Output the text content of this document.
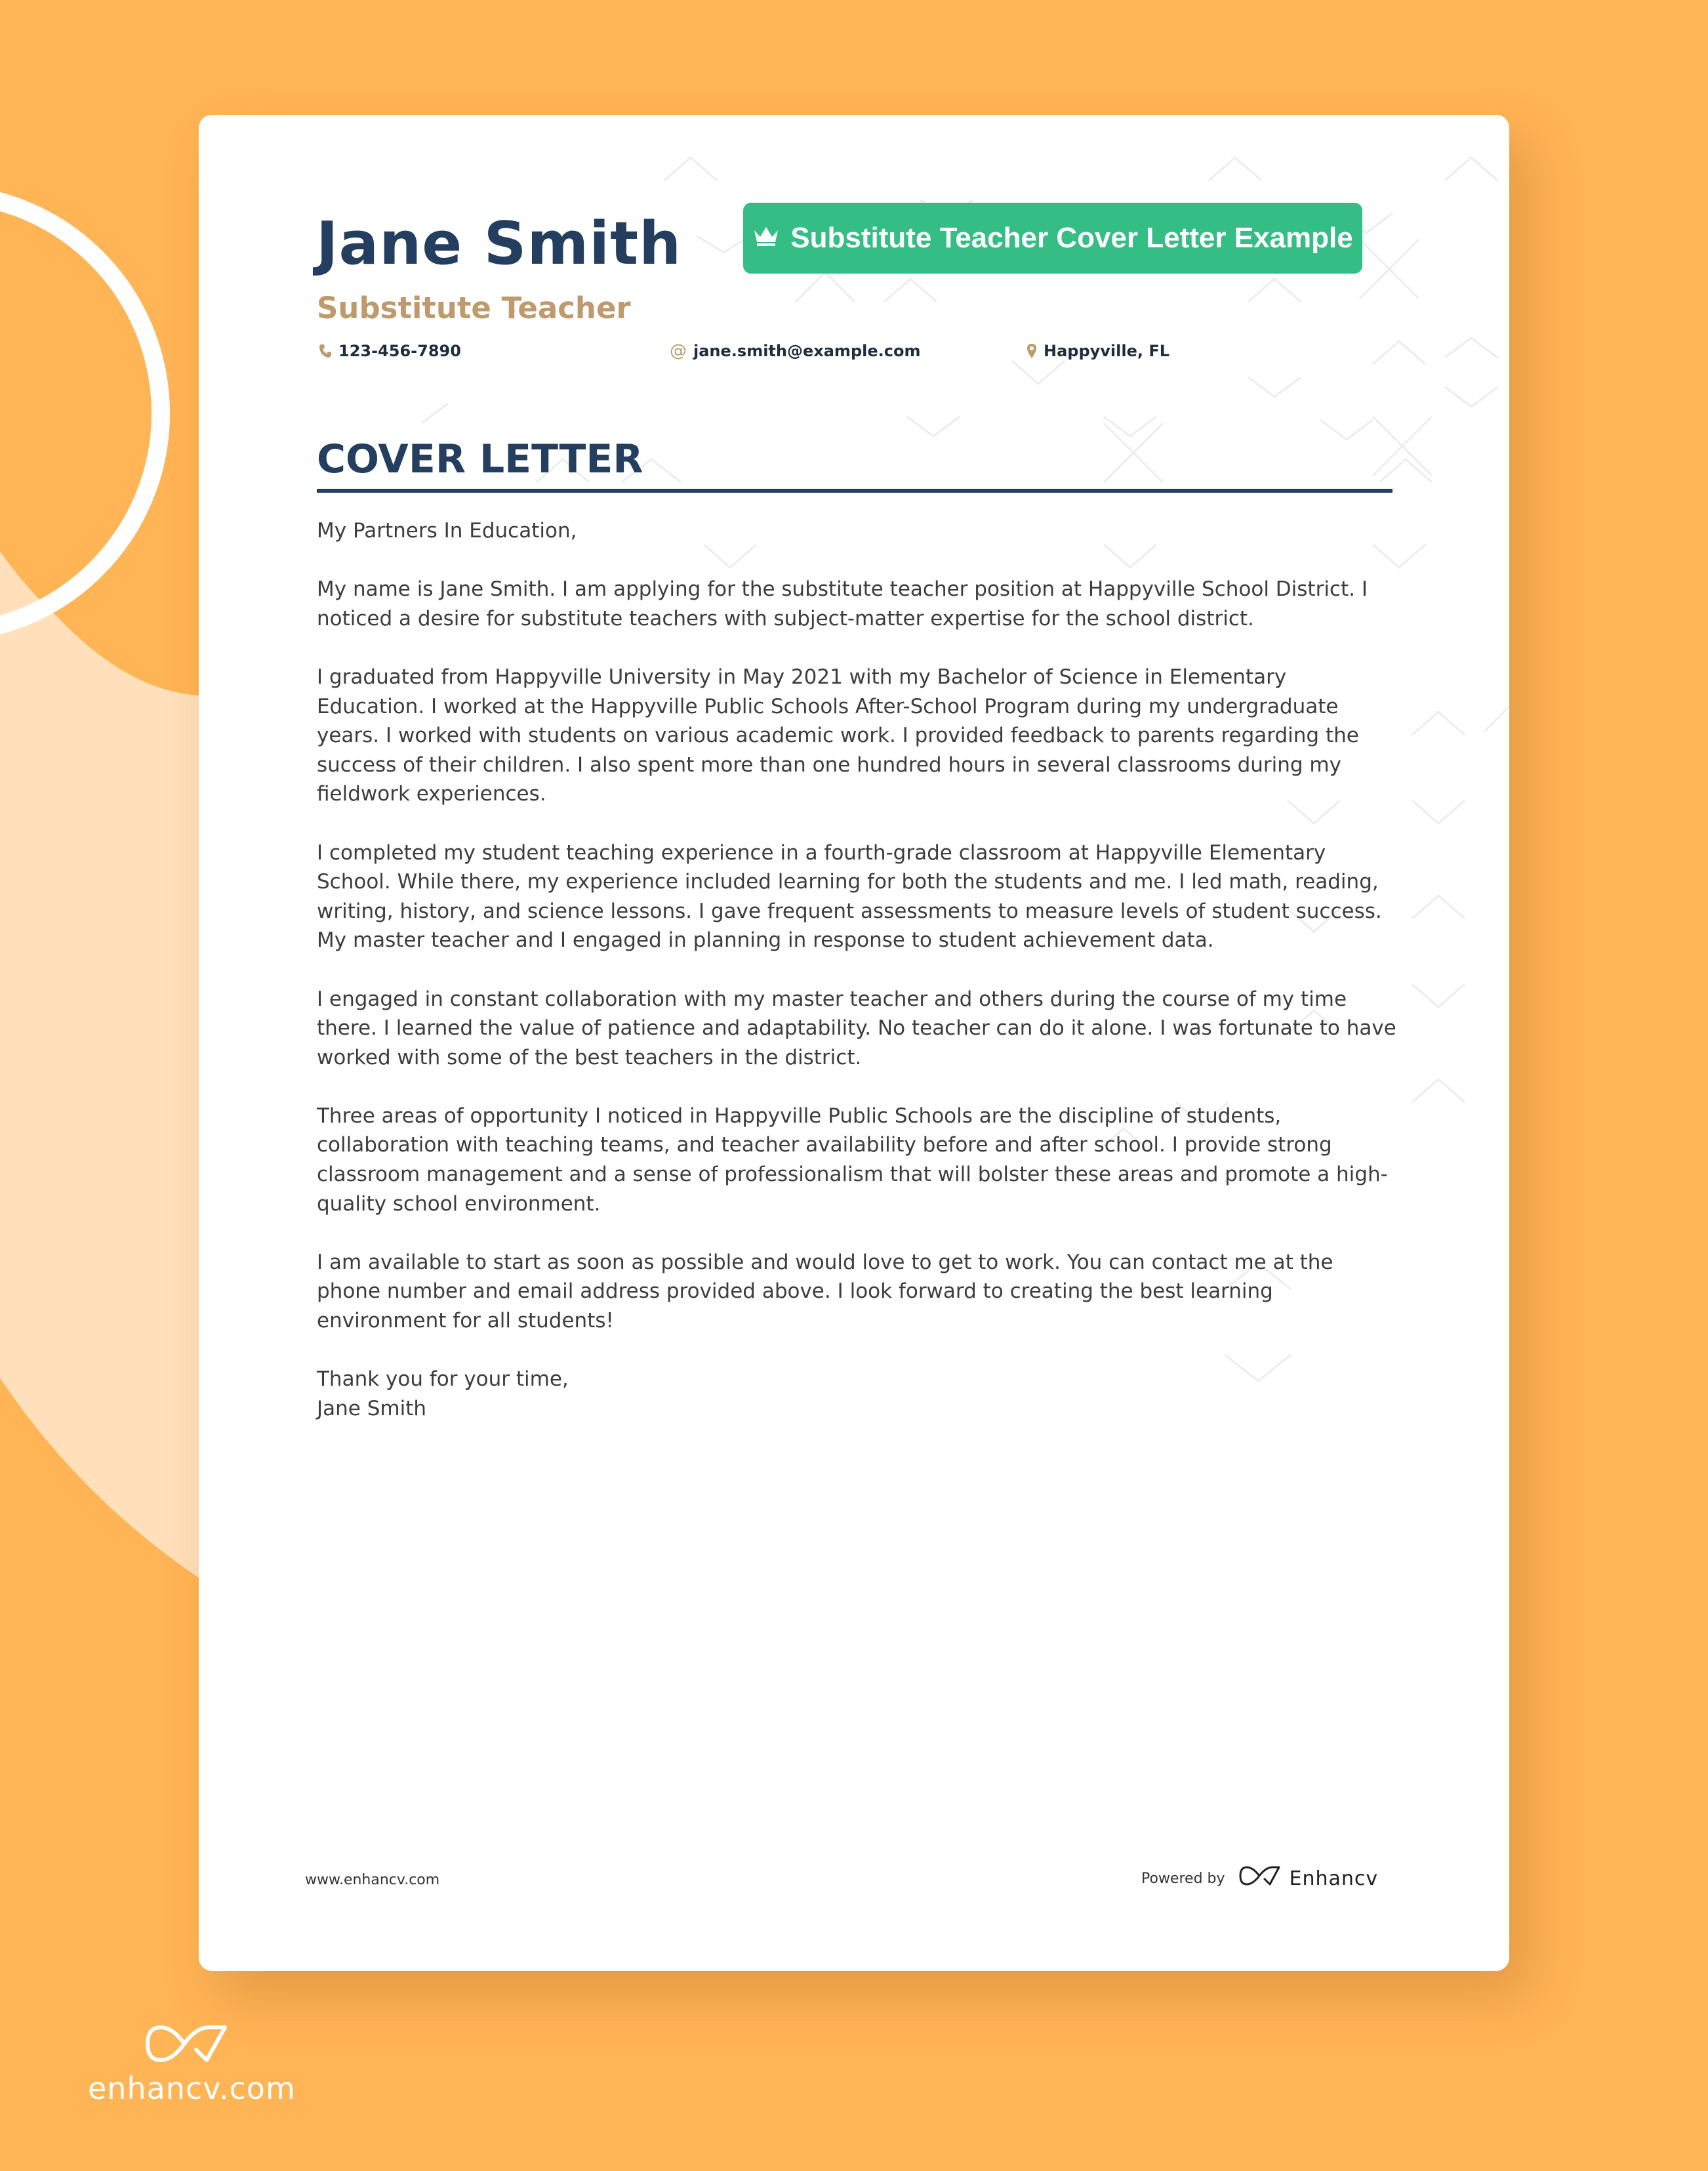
Substitute Teacher Cover Letter Example
Jane Smith
Substitute Teacher
123-456-7890	@ jane.smith@example.com	Happyville, FL
COVER LETTER

My Partners In Education,

My name is Jane Smith. I am applying for the substitute teacher position at Happyville School District. I noticed a desire for substitute teachers with subject-matter expertise for the school district.

I graduated from Happyville University in May 2021 with my Bachelor of Science in Elementary Education. I worked at the Happyville Public Schools After-School Program during my undergraduate years. I worked with students on various academic work. I provided feedback to parents regarding the success of their children. I also spent more than one hundred hours in several classrooms during my fieldwork experiences.

I completed my student teaching experience in a fourth-grade classroom at Happyville Elementary School. While there, my experience included learning for both the students and me. I led math, reading, writing, history, and science lessons. I gave frequent assessments to measure levels of student success. My master teacher and I engaged in planning in response to student achievement data.

I engaged in constant collaboration with my master teacher and others during the course of my time there. I learned the value of patience and adaptability. No teacher can do it alone. I was fortunate to have worked with some of the best teachers in the district.

Three areas of opportunity I noticed in Happyville Public Schools are the discipline of students, collaboration with teaching teams, and teacher availability before and after school. I provide strong classroom management and a sense of professionalism that will bolster these areas and promote a high-quality school environment.

I am available to start as soon as possible and would love to get to work. You can contact me at the phone number and email address provided above. I look forward to creating the best learning environment for all students!

Thank you for your time,

Jane Smith

www.enhancv.com	Powered by	Enhancv
enhancv.com
